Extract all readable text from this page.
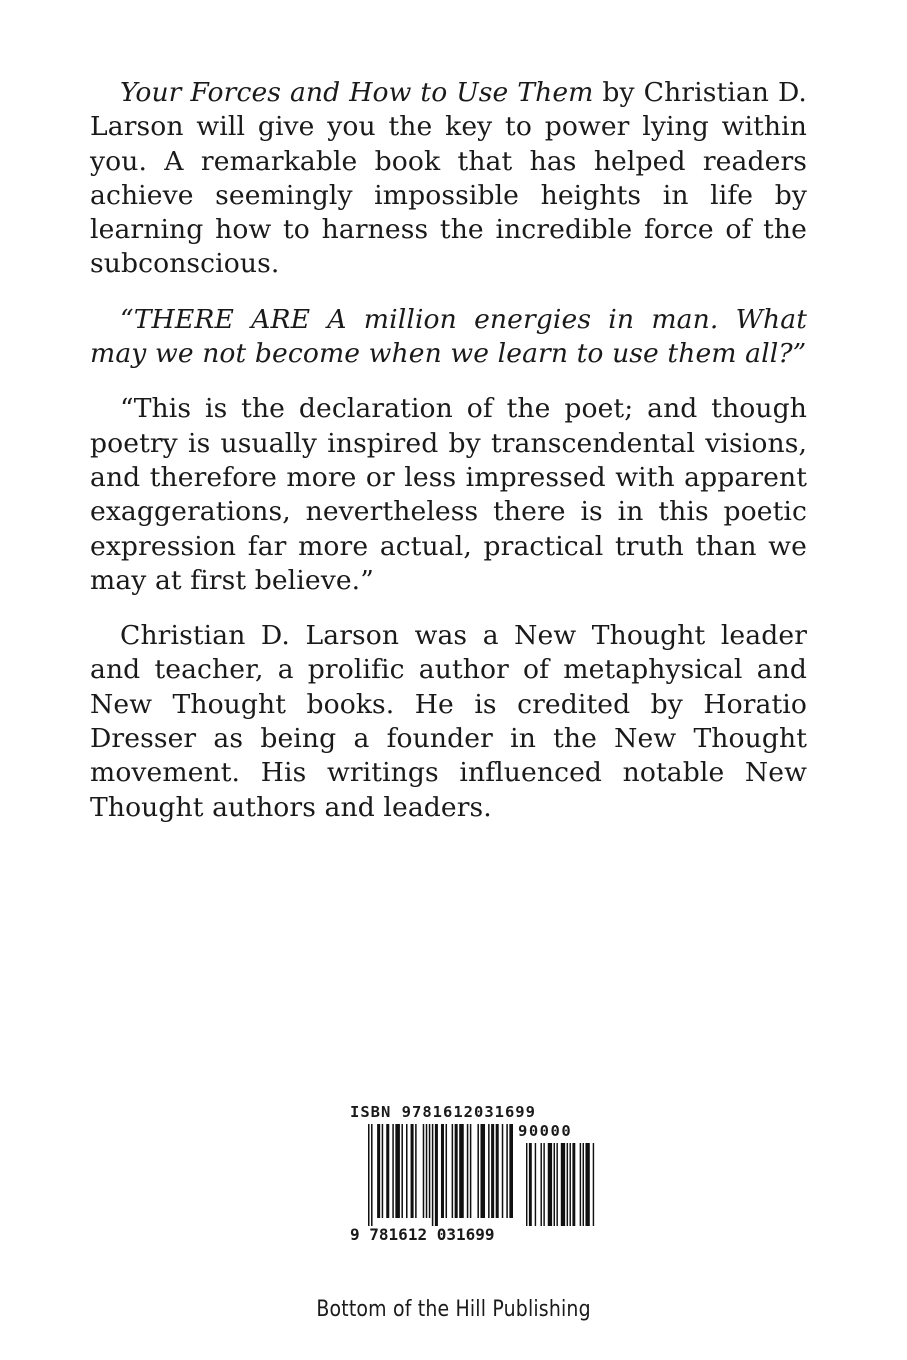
Your Forces and How to Use Them by Christian D. Larson will give you the key to power lying within you. A remarkable book that has helped readers achieve seemingly impossible heights in life by learning how to harness the incredible force of the subconscious.

“THERE ARE A million energies in man. What may we not become when we learn to use them all?”

“This is the declaration of the poet; and though poetry is usually inspired by transcendental visions, and therefore more or less impressed with apparent exaggerations, nevertheless there is in this poetic expression far more actual, practical truth than we may at first believe.”

Christian D. Larson was a New Thought leader and teacher, a prolific author of metaphysical and New Thought books. He is credited by Horatio Dresser as being a founder in the New Thought movement. His writings influenced notable New Thought authors and leaders.

ISBN 9781612031699
90000
9 781612 031699
Bottom of the Hill Publishing
